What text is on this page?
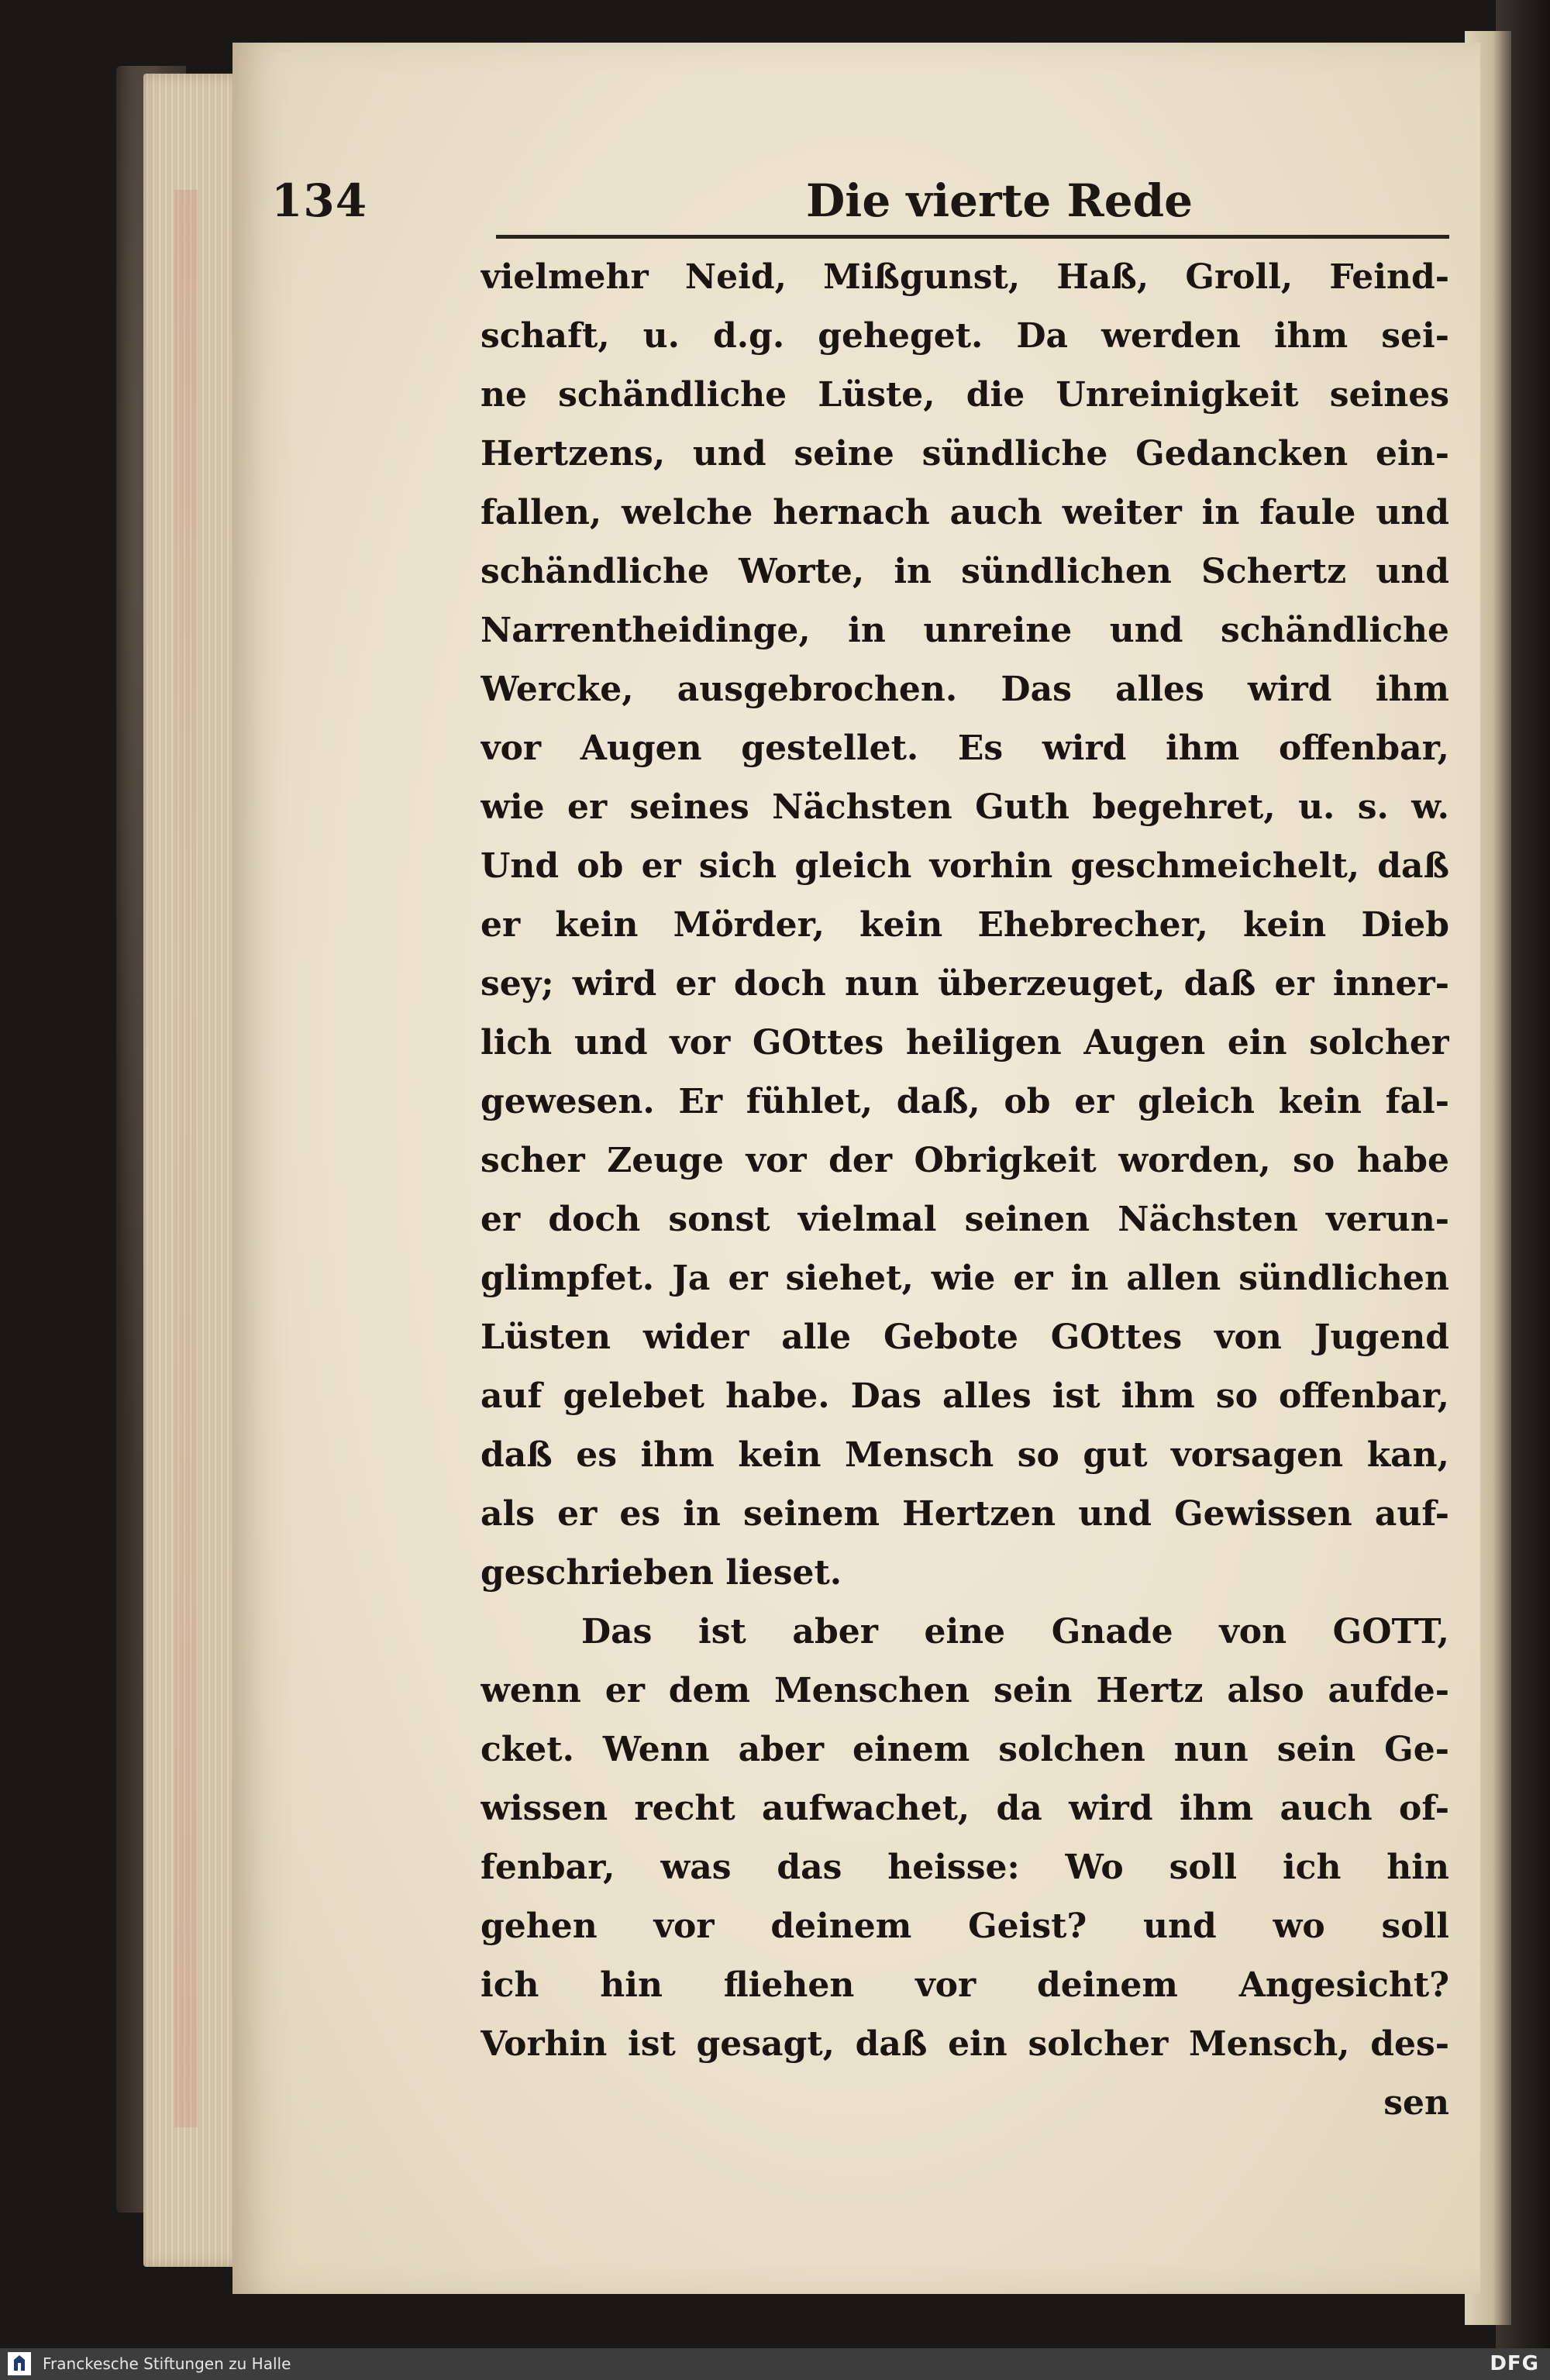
134	Die vierte Rede
vielmehr Neid, Mißgunst, Haß, Groll, Feind-
schaft, u. d.g. geheget. Da werden ihm sei-
ne schändliche Lüste, die Unreinigkeit seines
Hertzens, und seine sündliche Gedancken ein-
fallen, welche hernach auch weiter in faule und
schändliche Worte, in sündlichen Schertz und
Narrentheidinge, in unreine und schändliche
Wercke, ausgebrochen. Das alles wird ihm
vor Augen gestellet. Es wird ihm offenbar,
wie er seines Nächsten Guth begehret, u. s. w.
Und ob er sich gleich vorhin geschmeichelt, daß
er kein Mörder, kein Ehebrecher, kein Dieb
sey; wird er doch nun überzeuget, daß er inner-
lich und vor GOttes heiligen Augen ein solcher
gewesen. Er fühlet, daß, ob er gleich kein fal-
scher Zeuge vor der Obrigkeit worden, so habe
er doch sonst vielmal seinen Nächsten verun-
glimpfet. Ja er siehet, wie er in allen sündlichen
Lüsten wider alle Gebote GOttes von Jugend
auf gelebet habe. Das alles ist ihm so offenbar,
daß es ihm kein Mensch so gut vorsagen kan,
als er es in seinem Hertzen und Gewissen auf-
geschrieben lieset.
Das ist aber eine Gnade von GOTT,
wenn er dem Menschen sein Hertz also aufde-
cket. Wenn aber einem solchen nun sein Ge-
wissen recht aufwachet, da wird ihm auch of-
fenbar, was das heisse: Wo soll ich hin
gehen vor deinem Geist? und wo soll
ich hin fliehen vor deinem Angesicht?
Vorhin ist gesagt, daß ein solcher Mensch, des-
sen
Franckesche Stiftungen zu Halle	DFG
